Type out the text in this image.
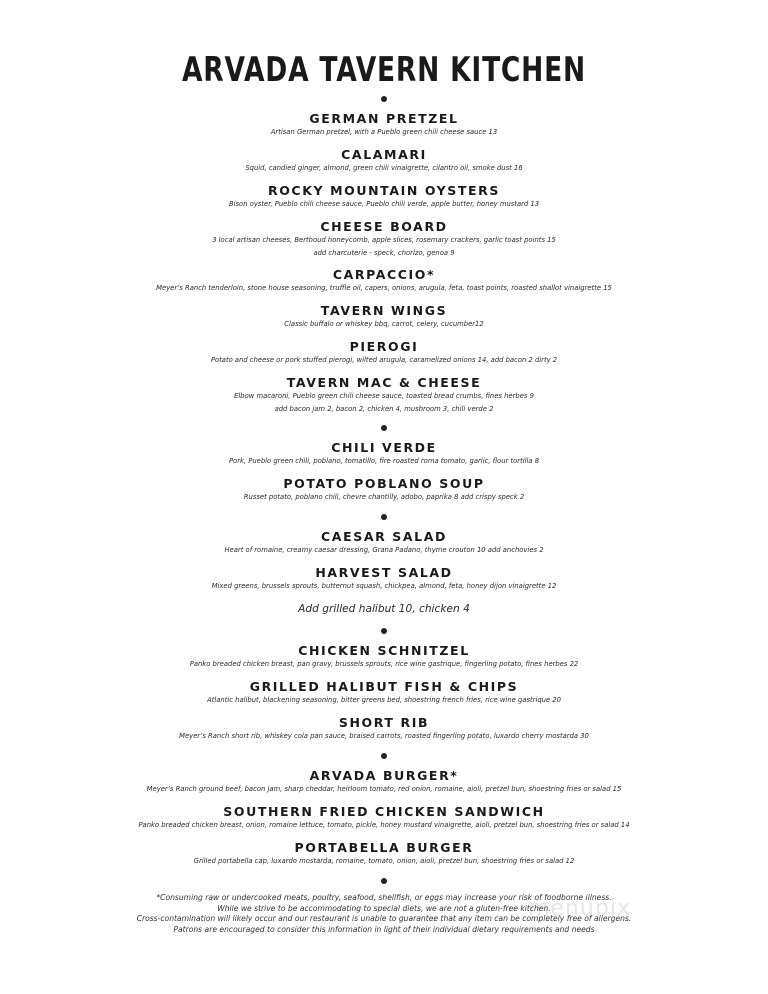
ARVADA TAVERN KITCHEN
GERMAN PRETZEL
Artisan German pretzel, with a Pueblo green chili cheese sauce 13
CALAMARI
Squid, candied ginger, almond, green chili vinaigrette, cilantro oil, smoke dust 16
ROCKY MOUNTAIN OYSTERS
Bison oyster, Pueblo chili cheese sauce, Pueblo chili verde, apple butter, honey mustard 13
CHEESE BOARD
3 local artisan cheeses, Berthoud honeycomb, apple slices, rosemary crackers, garlic toast points 15
add charcuterie - speck, chorizo, genoa 9
CARPACCIO*
Meyer’s Ranch tenderloin, stone house seasoning, truffle oil, capers, onions, arugula, feta, toast points, roasted shallot vinaigrette 15
TAVERN WINGS
Classic buffalo or whiskey bbq, carrot, celery, cucumber12
PIEROGI
Potato and cheese or pork stuffed pierogi, wilted arugula, caramelized onions 14, add bacon 2 dirty 2
TAVERN MAC & CHEESE
Elbow macaroni, Pueblo green chili cheese sauce, toasted bread crumbs, fines herbes 9
add bacon jam 2, bacon 2, chicken 4, mushroom 3, chili verde 2
CHILI VERDE
Pork, Pueblo green chili, poblano, tomatillo, fire roasted roma tomato, garlic, flour tortilla 8
POTATO POBLANO SOUP
Russet potato, poblano chili, chevre chantilly, adobo, paprika 8 add crispy speck 2
CAESAR SALAD
Heart of romaine, creamy caesar dressing, Grana Padano, thyme crouton 10 add anchovies 2
HARVEST SALAD
Mixed greens, brussels sprouts, butternut squash, chickpea, almond, feta, honey dijon vinaigrette 12
Add grilled halibut 10, chicken 4
CHICKEN SCHNITZEL
Panko breaded chicken breast, pan gravy, brussels sprouts, rice wine gastrique, fingerling potato, fines herbes 22
GRILLED HALIBUT FISH & CHIPS
Atlantic halibut, blackening seasoning, bitter greens bed, shoestring french fries, rice wine gastrique 20
SHORT RIB
Meyer’s Ranch short rib, whiskey cola pan sauce, braised carrots, roasted fingerling potato, luxardo cherry mostarda 30
ARVADA BURGER*
Meyer’s Ranch ground beef, bacon jam, sharp cheddar, heirloom tomato, red onion, romaine, aioli, pretzel bun, shoestring fries or salad 15
SOUTHERN FRIED CHICKEN SANDWICH
Panko breaded chicken breast, onion, romaine lettuce, tomato, pickle, honey mustard vinaigrette, aioli, pretzel bun, shoestring fries or salad 14
PORTABELLA BURGER
Grilled portabella cap, luxardo mostarda, romaine, tomato, onion, aioli, pretzel bun, shoestring fries or salad 12
menupix
*Consuming raw or undercooked meats, poultry, seafood, shellfish, or eggs may increase your risk of foodborne illness.
While we strive to be accommodating to special diets, we are not a gluten-free kitchen.
Cross-contamination will likely occur and our restaurant is unable to guarantee that any item can be completely free of allergens.
Patrons are encouraged to consider this information in light of their individual dietary requirements and needs
